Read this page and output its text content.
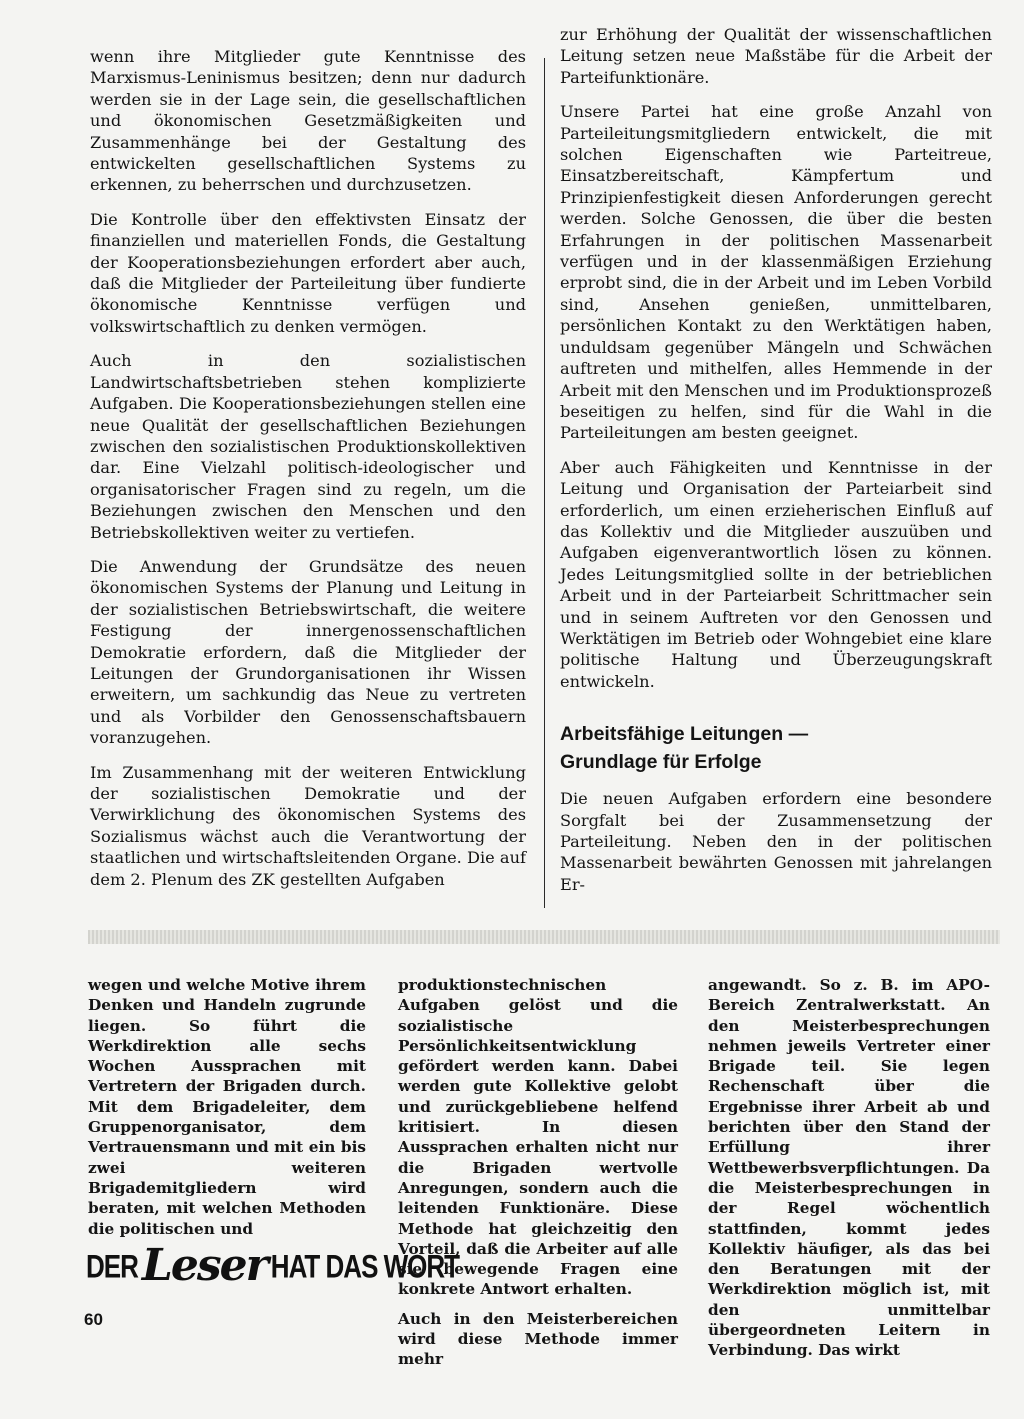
wenn ihre Mitglieder gute Kenntnisse des Marxismus-Leninismus besitzen; denn nur dadurch werden sie in der Lage sein, die gesellschaftlichen und ökonomischen Gesetzmäßigkeiten und Zusammenhänge bei der Gestaltung des entwickelten gesellschaftlichen Systems zu erkennen, zu beherrschen und durchzusetzen.

Die Kontrolle über den effektivsten Einsatz der finanziellen und materiellen Fonds, die Gestaltung der Kooperationsbeziehungen erfordert aber auch, daß die Mitglieder der Parteileitung über fundierte ökonomische Kenntnisse verfügen und volkswirtschaftlich zu denken vermögen.

Auch in den sozialistischen Landwirtschaftsbetrieben stehen komplizierte Aufgaben. Die Kooperationsbeziehungen stellen eine neue Qualität der gesellschaftlichen Beziehungen zwischen den sozialistischen Produktionskollektiven dar. Eine Vielzahl politisch-ideologischer und organisatorischer Fragen sind zu regeln, um die Beziehungen zwischen den Menschen und den Betriebskollektiven weiter zu vertiefen.

Die Anwendung der Grundsätze des neuen ökonomischen Systems der Planung und Leitung in der sozialistischen Betriebswirtschaft, die weitere Festigung der innergenossenschaftlichen Demokratie erfordern, daß die Mitglieder der Leitungen der Grundorganisationen ihr Wissen erweitern, um sachkundig das Neue zu vertreten und als Vorbilder den Genossenschaftsbauern voranzugehen.

Im Zusammenhang mit der weiteren Entwicklung der sozialistischen Demokratie und der Verwirklichung des ökonomischen Systems des Sozialismus wächst auch die Verantwortung der staatlichen und wirtschaftsleitenden Organe. Die auf dem 2. Plenum des ZK gestellten Aufgaben

zur Erhöhung der Qualität der wissenschaftlichen Leitung setzen neue Maßstäbe für die Arbeit der Parteifunktionäre.

Unsere Partei hat eine große Anzahl von Parteileitungsmitgliedern entwickelt, die mit solchen Eigenschaften wie Parteitreue, Einsatzbereitschaft, Kämpfertum und Prinzipienfestigkeit diesen Anforderungen gerecht werden. Solche Genossen, die über die besten Erfahrungen in der politischen Massenarbeit verfügen und in der klassenmäßigen Erziehung erprobt sind, die in der Arbeit und im Leben Vorbild sind, Ansehen genießen, unmittelbaren, persönlichen Kontakt zu den Werktätigen haben, unduldsam gegenüber Mängeln und Schwächen auftreten und mithelfen, alles Hemmende in der Arbeit mit den Menschen und im Produktionsprozeß beseitigen zu helfen, sind für die Wahl in die Parteileitungen am besten geeignet.

Aber auch Fähigkeiten und Kenntnisse in der Leitung und Organisation der Parteiarbeit sind erforderlich, um einen erzieherischen Einfluß auf das Kollektiv und die Mitglieder auszuüben und Aufgaben eigenverantwortlich lösen zu können. Jedes Leitungsmitglied sollte in der betrieblichen Arbeit und in der Parteiarbeit Schrittmacher sein und in seinem Auftreten vor den Genossen und Werktätigen im Betrieb oder Wohngebiet eine klare politische Haltung und Überzeugungskraft entwickeln.

Arbeitsfähige Leitungen —
Grundlage für Erfolge

Die neuen Aufgaben erfordern eine besondere Sorgfalt bei der Zusammensetzung der Parteileitung. Neben den in der politischen Massenarbeit bewährten Genossen mit jahrelangen Er-

wegen und welche Motive ihrem Denken und Handeln zugrunde liegen. So führt die Werkdirektion alle sechs Wochen Aussprachen mit Vertretern der Brigaden durch. Mit dem Brigadeleiter, dem Gruppenorganisator, dem Vertrauensmann und mit ein bis zwei weiteren Brigademitgliedern wird beraten, mit welchen Methoden die politischen und

produktionstechnischen Aufgaben gelöst und die sozialistische Persönlichkeitsentwicklung gefördert werden kann. Dabei werden gute Kollektive gelobt und zurückgebliebene helfend kritisiert. In diesen Aussprachen erhalten nicht nur die Brigaden wertvolle Anregungen, sondern auch die leitenden Funktionäre. Diese Methode hat gleichzeitig den Vorteil, daß die Arbeiter auf alle sie bewegende Fragen eine konkrete Antwort erhalten.

Auch in den Meisterbereichen wird diese Methode immer mehr

angewandt. So z. B. im APO-Bereich Zentralwerkstatt. An den Meisterbesprechungen nehmen jeweils Vertreter einer Brigade teil. Sie legen Rechenschaft über die Ergebnisse ihrer Arbeit ab und berichten über den Stand der Erfüllung ihrer Wettbewerbsverpflichtungen. Da die Meisterbesprechungen in der Regel wöchentlich stattfinden, kommt jedes Kollektiv häufiger, als das bei den Beratungen mit der Werkdirektion möglich ist, mit den unmittelbar übergeordneten Leitern in Verbindung. Das wirkt

DER Leser HAT DAS WORT
60
